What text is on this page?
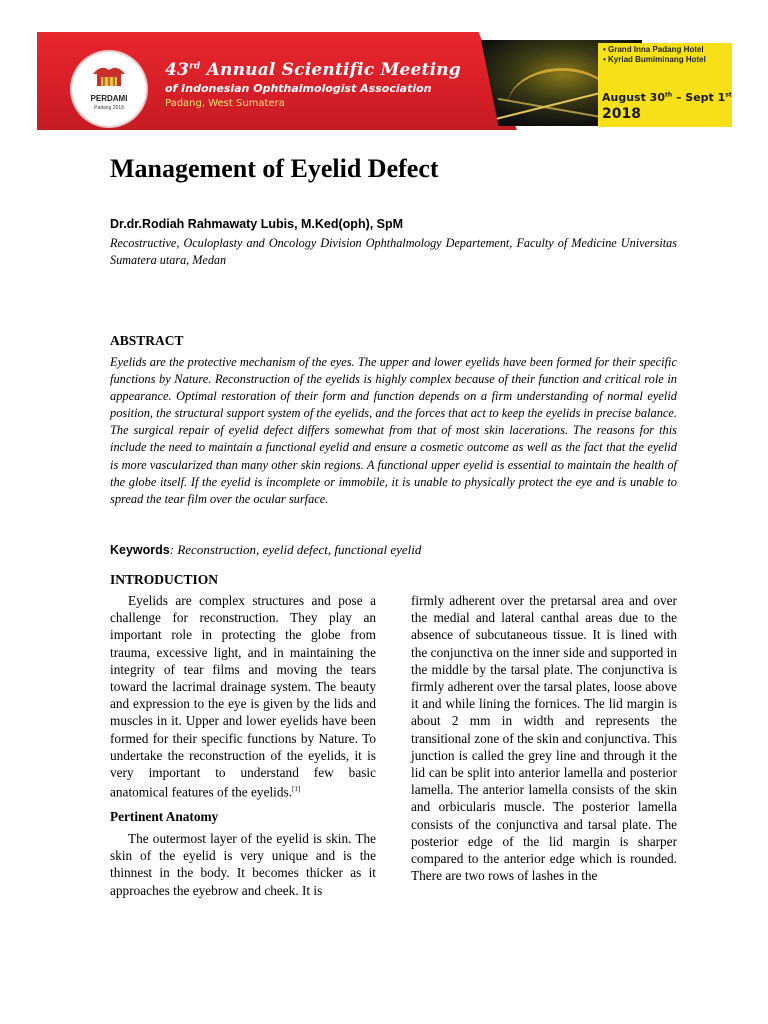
PERDAMI
Padang 2018
43rd Annual Scientific Meeting
of Indonesian Ophthalmologist Association
Padang, West Sumatera
• Grand Inna Padang Hotel
• Kyriad Bumiminang Hotel
August 30th – Sept 1st
2018
Management of Eyelid Defect
Dr.dr.Rodiah Rahmawaty Lubis, M.Ked(oph), SpM
Recostructive, Oculoplasty and Oncology Division Ophthalmology Departement, Faculty of Medicine Universitas Sumatera utara, Medan
ABSTRACT
Eyelids are the protective mechanism of the eyes. The upper and lower eyelids have been formed for their specific functions by Nature. Reconstruction of the eyelids is highly complex because of their function and critical role in appearance. Optimal restoration of their form and function depends on a firm understanding of normal eyelid position, the structural support system of the eyelids, and the forces that act to keep the eyelids in precise balance. The surgical repair of eyelid defect differs somewhat from that of most skin lacerations. The reasons for this include the need to maintain a functional eyelid and ensure a cosmetic outcome as well as the fact that the eyelid is more vascularized than many other skin regions. A functional upper eyelid is essential to maintain the health of the globe itself. If the eyelid is incomplete or immobile, it is unable to physically protect the eye and is unable to spread the tear film over the ocular surface.
Keywords: Reconstruction, eyelid defect, functional eyelid
INTRODUCTION

Eyelids are complex structures and pose a challenge for reconstruction. They play an important role in protecting the globe from trauma, excessive light, and in maintaining the integrity of tear films and moving the tears toward the lacrimal drainage system. The beauty and expression to the eye is given by the lids and muscles in it. Upper and lower eyelids have been formed for their specific functions by Nature. To undertake the reconstruction of the eyelids, it is very important to understand few basic anatomical features of the eyelids.[1]

Pertinent Anatomy

The outermost layer of the eyelid is skin. The skin of the eyelid is very unique and is the thinnest in the body. It becomes thicker as it approaches the eyebrow and cheek. It is

firmly adherent over the pretarsal area and over the medial and lateral canthal areas due to the absence of subcutaneous tissue. It is lined with the conjunctiva on the inner side and supported in the middle by the tarsal plate. The conjunctiva is firmly adherent over the tarsal plates, loose above it and while lining the fornices. The lid margin is about 2 mm in width and represents the transitional zone of the skin and conjunctiva. This junction is called the grey line and through it the lid can be split into anterior lamella and posterior lamella. The anterior lamella consists of the skin and orbicularis muscle. The posterior lamella consists of the conjunctiva and tarsal plate. The posterior edge of the lid margin is sharper compared to the anterior edge which is rounded. There are two rows of lashes in the
